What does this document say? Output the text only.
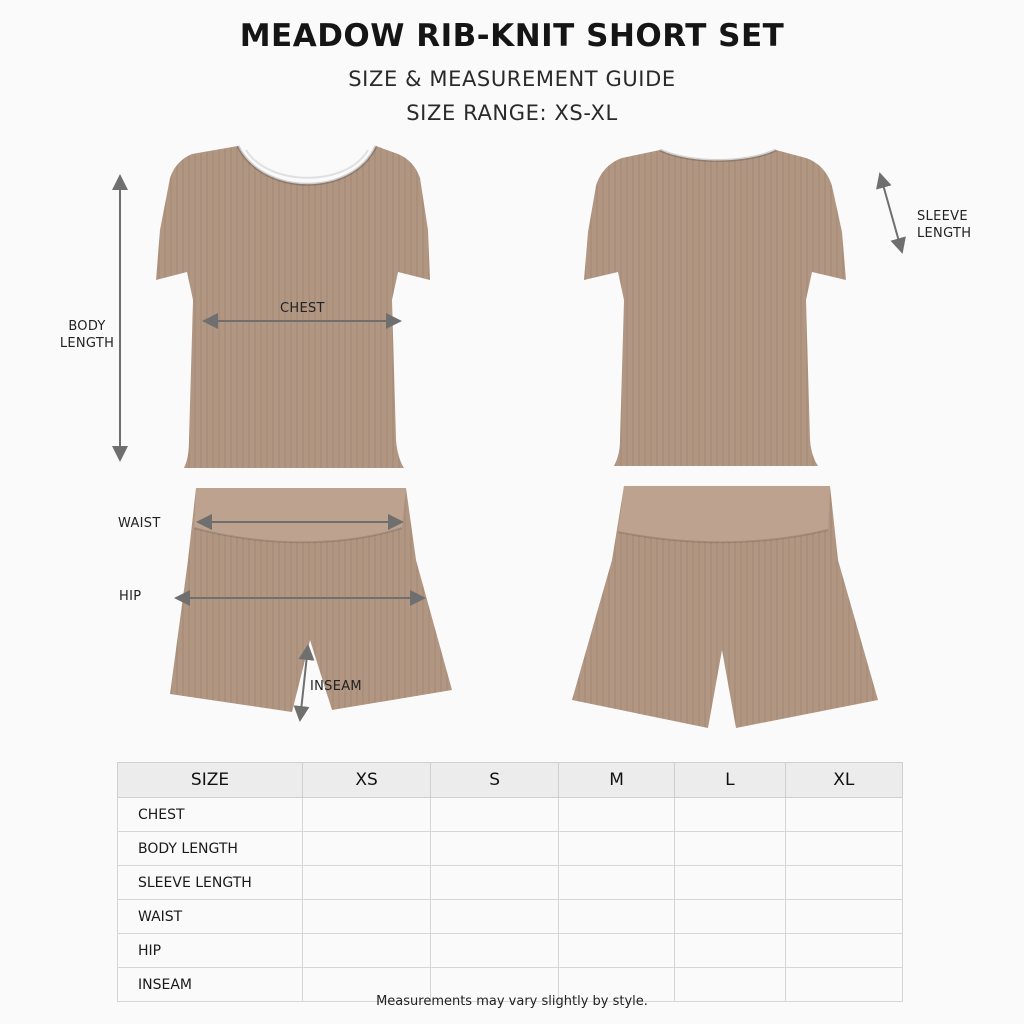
MEADOW RIB-KNIT SHORT SET
SIZE & MEASUREMENT GUIDE
SIZE RANGE: XS-XL
BODY
LENGTH
CHEST
SLEEVE
LENGTH
WAIST
HIP
INSEAM
SIZE	XS	S	M	L	XL
CHEST					
BODY LENGTH					
SLEEVE LENGTH					
WAIST					
HIP					
INSEAM					
Measurements may vary slightly by style.
